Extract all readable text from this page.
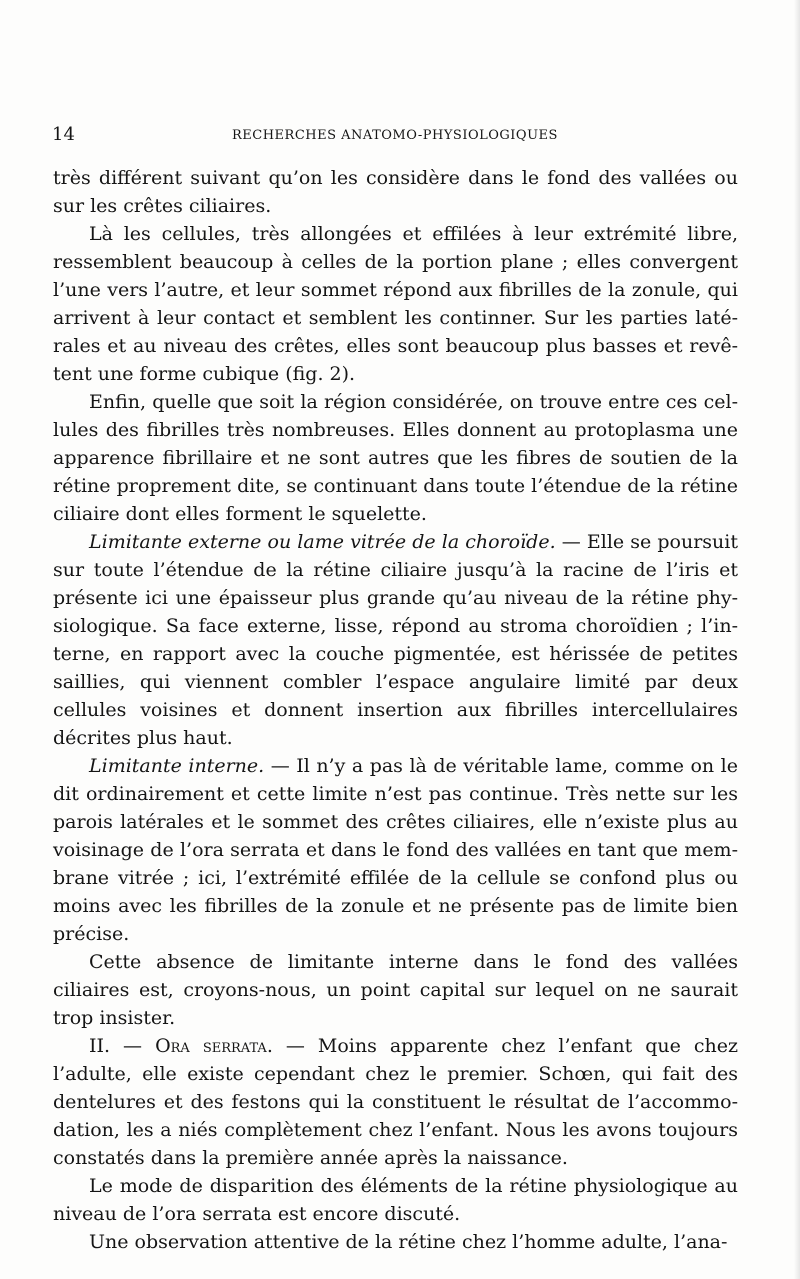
14	RECHERCHES ANATOMO-PHYSIOLOGIQUES

très différent suivant qu’on les considère dans le fond des vallées ou sur les crêtes ciliaires.

Là les cellules, très allongées et effilées à leur extrémité libre, ressemblent beaucoup à celles de la portion plane ; elles convergent l’une vers l’autre, et leur sommet répond aux fibrilles de la zonule, qui arrivent à leur contact et semblent les continner. Sur les parties laté-rales et au niveau des crêtes, elles sont beaucoup plus basses et revê-tent une forme cubique (fig. 2).

Enfin, quelle que soit la région considérée, on trouve entre ces cel-lules des fibrilles très nombreuses. Elles donnent au protoplasma une apparence fibrillaire et ne sont autres que les fibres de soutien de la rétine proprement dite, se continuant dans toute l’étendue de la rétine ciliaire dont elles forment le squelette.

Limitante externe ou lame vitrée de la choroïde. — Elle se poursuit sur toute l’étendue de la rétine ciliaire jusqu’à la racine de l’iris et présente ici une épaisseur plus grande qu’au niveau de la rétine phy-siologique. Sa face externe, lisse, répond au stroma choroïdien ; l’in-terne, en rapport avec la couche pigmentée, est hérissée de petites saillies, qui viennent combler l’espace angulaire limité par deux cellules voisines et donnent insertion aux fibrilles intercellulaires décrites plus haut.

Limitante interne. — Il n’y a pas là de véritable lame, comme on le dit ordinairement et cette limite n’est pas continue. Très nette sur les parois latérales et le sommet des crêtes ciliaires, elle n’existe plus au voisinage de l’ora serrata et dans le fond des vallées en tant que mem-brane vitrée ; ici, l’extrémité effilée de la cellule se confond plus ou moins avec les fibrilles de la zonule et ne présente pas de limite bien précise.

Cette absence de limitante interne dans le fond des vallées ciliaires est, croyons-nous, un point capital sur lequel on ne saurait trop insister.

II. — Ora serrata. — Moins apparente chez l’enfant que chez l’adulte, elle existe cependant chez le premier. Schœn, qui fait des dentelures et des festons qui la constituent le résultat de l’accommo-dation, les a niés complètement chez l’enfant. Nous les avons toujours constatés dans la première année après la naissance.

Le mode de disparition des éléments de la rétine physiologique au niveau de l’ora serrata est encore discuté.

Une observation attentive de la rétine chez l’homme adulte, l’ana-
